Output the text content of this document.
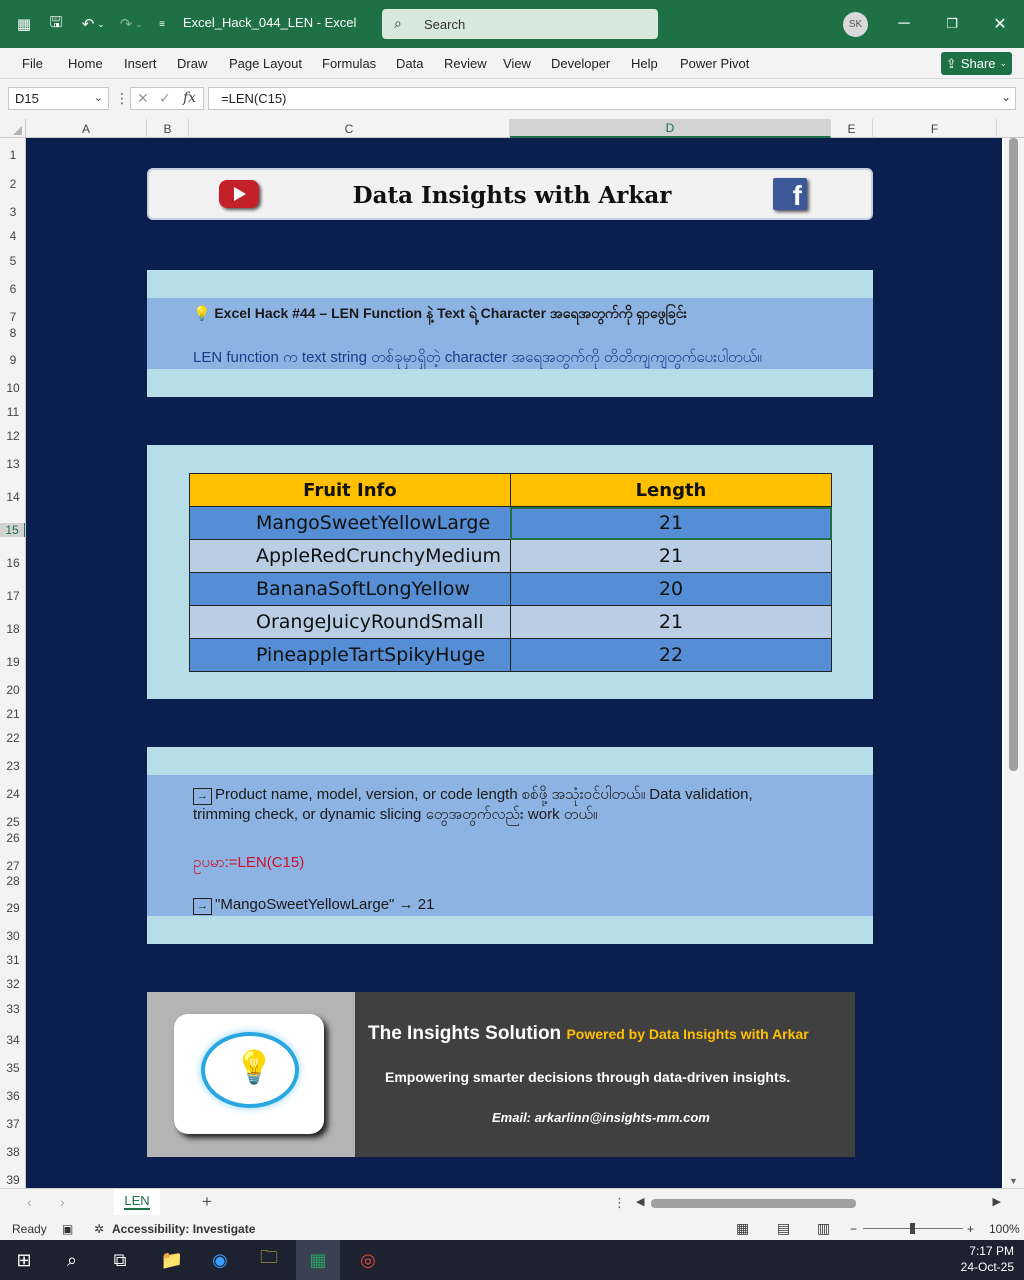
▦	🖫	↶ ⌄ ↷ ⌄	≡	Excel_Hack_044_LEN - Excel	⌕ Search	SK	─	❐	✕
File Home Insert Draw Page Layout Formulas Data Review View Developer Help Power Pivot	⇪ Share ⌄
D15	⌄ ⋮ ✕ ✓ fx	=LEN(C15)	⌄
A	B	C	D	E	F
1
2
3
4
5
6
7
8
9
10
11
12
13
14
15
16
17
18
19
20
21
22
23
24
25
26
27
28
29
30
31
32
33
34
35
36
37
38
39
Data Insights with Arkar	f
💡 Excel Hack #44 – LEN Function နဲ့ Text ရဲ့ Character အရေအတွက်ကို ရှာဖွေခြင်း
LEN function က text string တစ်ခုမှာရှိတဲ့ character အရေအတွက်ကို တိတိကျကျတွက်ပေးပါတယ်။
Fruit Info	Length
MangoSweetYellowLarge	21
AppleRedCrunchyMedium	21
BananaSoftLongYellow	20
OrangeJuicyRoundSmall	21
PineappleTartSpikyHuge	22
→ Product name, model, version, or code length စစ်ဖို့ အသုံးဝင်ပါတယ်။ Data validation,
trimming check, or dynamic slicing တွေအတွက်လည်း work တယ်။
ဥပမာ:=LEN(C15)
→ "MangoSweetYellowLarge" → 21
💡
The Insights Solution Powered by Data Insights with Arkar
Empowering smarter decisions through data-driven insights.
Email: arkarlinn@insights-mm.com
▼
‹ ›	LEN	+	⋮ ◀	▶
Ready ▣ ✲ Accessibility: Investigate	▦ ▤ ▥ −	+ 100%
⊞	⌕	⧉	📁	◉	🗀	▦	◎	7:17 PM
24-Oct-25
